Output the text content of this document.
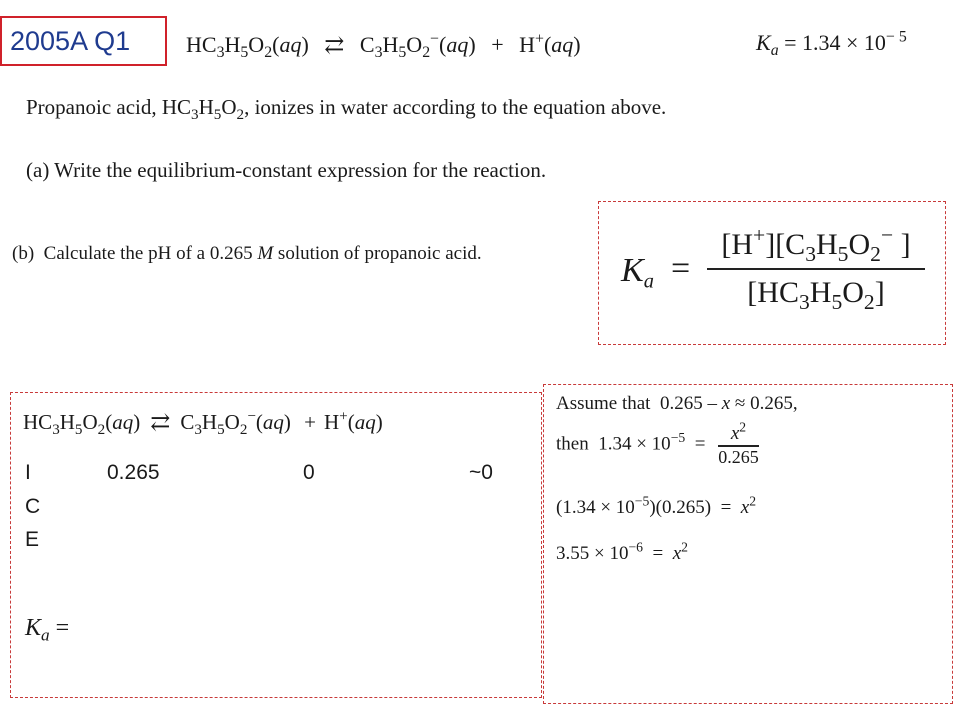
2005A Q1	$HC_3H_5O_2(aq)$ ⇄ $C_3H_5O_2^-(aq) + H^+(aq)$	$K_a = 1.34 \times 10^{- 5}$
Propanoic acid, $HC_3H_5O_2$, ionizes in water according to the equation above.
(a) Write the equilibrium-constant expression for the reaction.
(b)  Calculate the pH of a 0.265 M solution of propanoic acid.	$K_a$ =
$[H^+][C_3H_5O_2^-$ ]
$[HC_3H_5O_2]$
$HC_3H_5O_2(aq)$ ⇄ $C_3H_5O_2^-(aq) + H^+(aq)$
I	0.265	0	~0
C
E
$K_a$ =
Assume that  0.265 – x ≈ 0.265,
then  $1.34 \times 10^{-5} = \frac{x^2}{0.265}$
$(1.34 \times 10^{-5})(0.265) = x^2$
$3.55 \times 10^{-6} = x^2$
